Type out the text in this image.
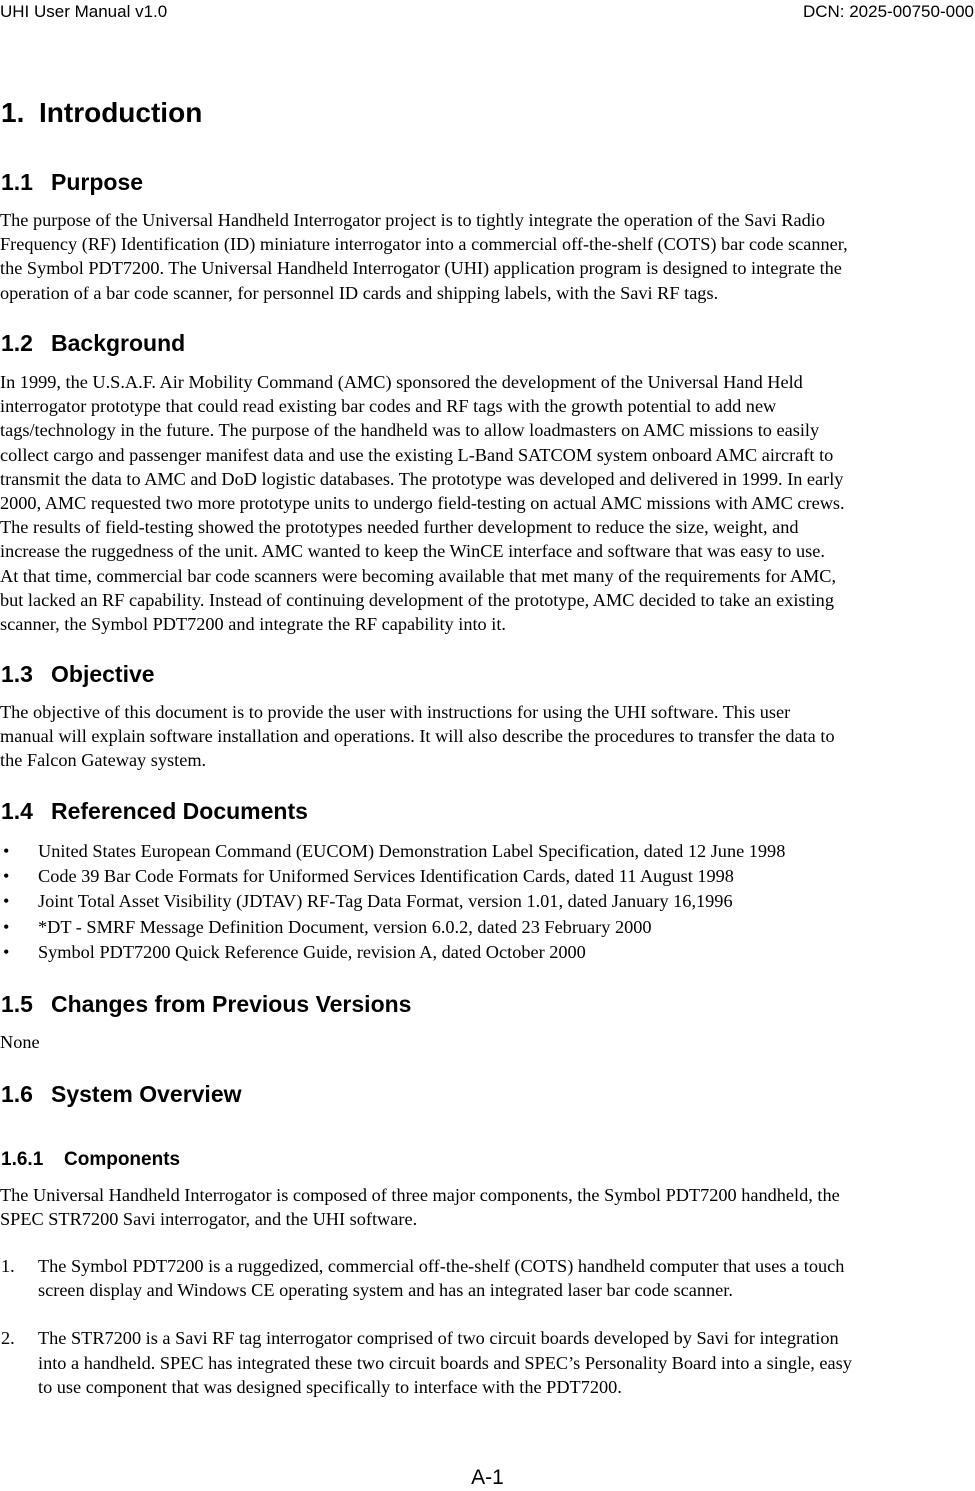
UHI User Manual v1.0	DCN: 2025-00750-000
1. Introduction
1.1 Purpose
The purpose of the Universal Handheld Interrogator project is to tightly integrate the operation of the Savi Radio
Frequency (RF) Identification (ID) miniature interrogator into a commercial off-the-shelf (COTS) bar code scanner,
the Symbol PDT7200. The Universal Handheld Interrogator (UHI) application program is designed to integrate the
operation of a bar code scanner, for personnel ID cards and shipping labels, with the Savi RF tags.
1.2 Background
In 1999, the U.S.A.F. Air Mobility Command (AMC) sponsored the development of the Universal Hand Held
interrogator prototype that could read existing bar codes and RF tags with the growth potential to add new
tags/technology in the future. The purpose of the handheld was to allow loadmasters on AMC missions to easily
collect cargo and passenger manifest data and use the existing L-Band SATCOM system onboard AMC aircraft to
transmit the data to AMC and DoD logistic databases. The prototype was developed and delivered in 1999. In early
2000, AMC requested two more prototype units to undergo field-testing on actual AMC missions with AMC crews.
The results of field-testing showed the prototypes needed further development to reduce the size, weight, and
increase the ruggedness of the unit. AMC wanted to keep the WinCE interface and software that was easy to use.
At that time, commercial bar code scanners were becoming available that met many of the requirements for AMC,
but lacked an RF capability. Instead of continuing development of the prototype, AMC decided to take an existing
scanner, the Symbol PDT7200 and integrate the RF capability into it.
1.3 Objective
The objective of this document is to provide the user with instructions for using the UHI software. This user
manual will explain software installation and operations. It will also describe the procedures to transfer the data to
the Falcon Gateway system.
1.4 Referenced Documents
• United States European Command (EUCOM) Demonstration Label Specification, dated 12 June 1998
• Code 39 Bar Code Formats for Uniformed Services Identification Cards, dated 11 August 1998
• Joint Total Asset Visibility (JDTAV) RF-Tag Data Format, version 1.01, dated January 16,1996
• *DT - SMRF Message Definition Document, version 6.0.2, dated 23 February 2000
• Symbol PDT7200 Quick Reference Guide, revision A, dated October 2000
1.5 Changes from Previous Versions
None
1.6 System Overview
1.6.1 Components
The Universal Handheld Interrogator is composed of three major components, the Symbol PDT7200 handheld, the
SPEC STR7200 Savi interrogator, and the UHI software.
1. The Symbol PDT7200 is a ruggedized, commercial off-the-shelf (COTS) handheld computer that uses a touch
screen display and Windows CE operating system and has an integrated laser bar code scanner.
2. The STR7200 is a Savi RF tag interrogator comprised of two circuit boards developed by Savi for integration
into a handheld. SPEC has integrated these two circuit boards and SPEC’s Personality Board into a single, easy
to use component that was designed specifically to interface with the PDT7200.
A-1
